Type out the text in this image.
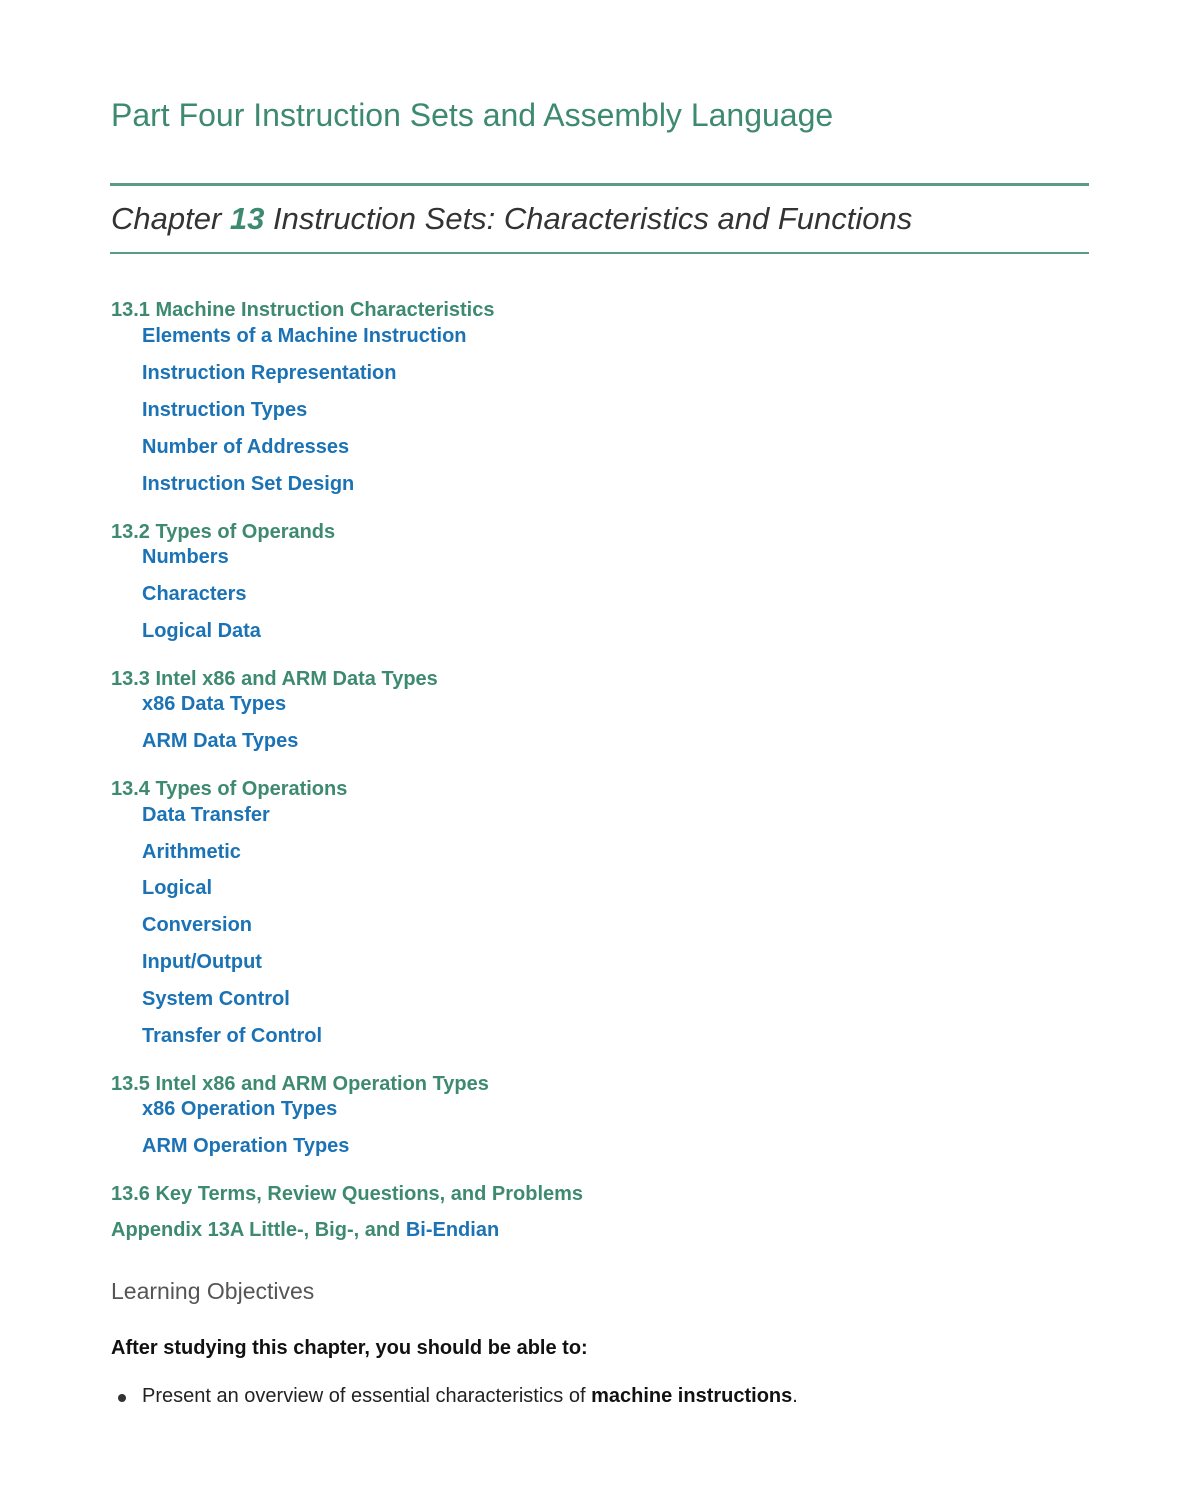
Part Four Instruction Sets and Assembly Language
Chapter 13 Instruction Sets: Characteristics and Functions
13.1 Machine Instruction Characteristics
Elements of a Machine Instruction
Instruction Representation
Instruction Types
Number of Addresses
Instruction Set Design
13.2 Types of Operands
Numbers
Characters
Logical Data
13.3 Intel x86 and ARM Data Types
x86 Data Types
ARM Data Types
13.4 Types of Operations
Data Transfer
Arithmetic
Logical
Conversion
Input/Output
System Control
Transfer of Control
13.5 Intel x86 and ARM Operation Types
x86 Operation Types
ARM Operation Types
13.6 Key Terms, Review Questions, and Problems
Appendix 13A Little-, Big-, and Bi-Endian
Learning Objectives
After studying this chapter, you should be able to:
Present an overview of essential characteristics of machine instructions.
